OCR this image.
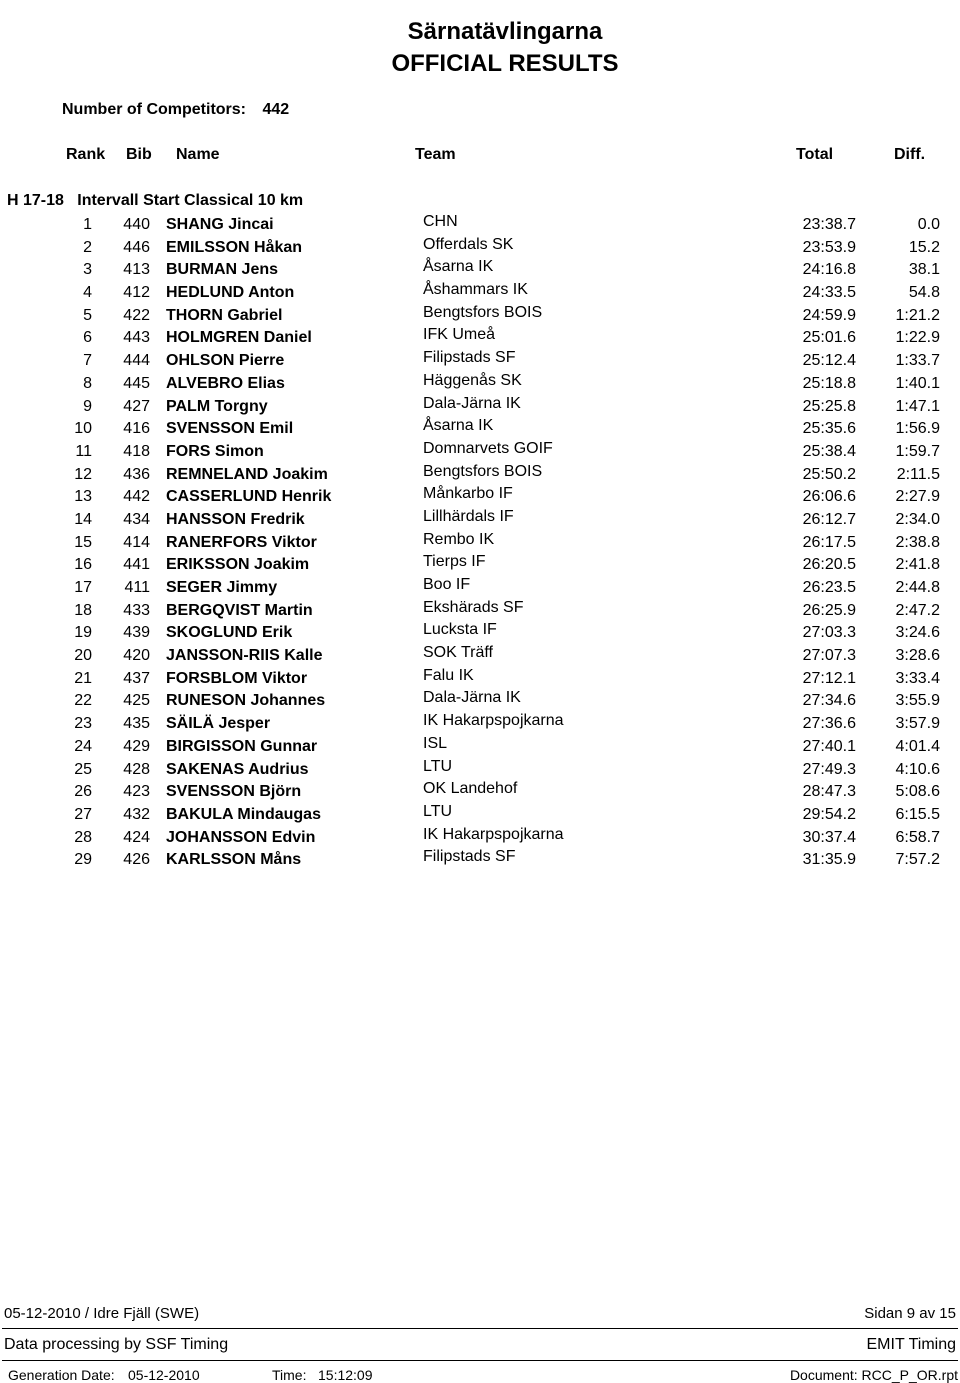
Särnatävlingarna
OFFICIAL RESULTS
Number of Competitors: 442
Rank Bib Name	Team	Total	Diff.
H 17-18   Intervall Start Classical 10 km
1	440 SHANG Jincai	CHN	23:38.7	0.0
2	446 EMILSSON Håkan	Offerdals SK	23:53.9	15.2
3	413 BURMAN Jens	Åsarna IK	24:16.8	38.1
4	412 HEDLUND Anton	Åshammars IK	24:33.5	54.8
5	422 THORN Gabriel	Bengtsfors BOIS	24:59.9	1:21.2
6	443 HOLMGREN Daniel	IFK Umeå	25:01.6	1:22.9
7	444 OHLSON Pierre	Filipstads SF	25:12.4	1:33.7
8	445 ALVEBRO Elias	Häggenås SK	25:18.8	1:40.1
9	427 PALM Torgny	Dala-Järna IK	25:25.8	1:47.1
10	416 SVENSSON Emil	Åsarna IK	25:35.6	1:56.9
11	418 FORS Simon	Domnarvets GOIF	25:38.4	1:59.7
12	436 REMNELAND Joakim	Bengtsfors BOIS	25:50.2	2:11.5
13	442 CASSERLUND Henrik	Månkarbo IF	26:06.6	2:27.9
14	434 HANSSON Fredrik	Lillhärdals IF	26:12.7	2:34.0
15	414 RANERFORS Viktor	Rembo IK	26:17.5	2:38.8
16	441 ERIKSSON Joakim	Tierps IF	26:20.5	2:41.8
17	411 SEGER Jimmy	Boo IF	26:23.5	2:44.8
18	433 BERGQVIST Martin	Ekshärads SF	26:25.9	2:47.2
19	439 SKOGLUND Erik	Lucksta IF	27:03.3	3:24.6
20	420 JANSSON-RIIS Kalle	SOK Träff	27:07.3	3:28.6
21	437 FORSBLOM Viktor	Falu IK	27:12.1	3:33.4
22	425 RUNESON Johannes	Dala-Järna IK	27:34.6	3:55.9
23	435 SÄILÄ Jesper	IK Hakarpspojkarna	27:36.6	3:57.9
24	429 BIRGISSON Gunnar	ISL	27:40.1	4:01.4
25	428 SAKENAS Audrius	LTU	27:49.3	4:10.6
26	423 SVENSSON Björn	OK Landehof	28:47.3	5:08.6
27	432 BAKULA Mindaugas	LTU	29:54.2	6:15.5
28	424 JOHANSSON Edvin	IK Hakarpspojkarna	30:37.4	6:58.7
29	426 KARLSSON Måns	Filipstads SF	31:35.9	7:57.2
05-12-2010 / Idre Fjäll (SWE)	Sidan 9 av 15
Data processing by SSF Timing	EMIT Timing
Generation Date: 05-12-2010	Time: 15:12:09	Document: RCC_P_OR.rpt
